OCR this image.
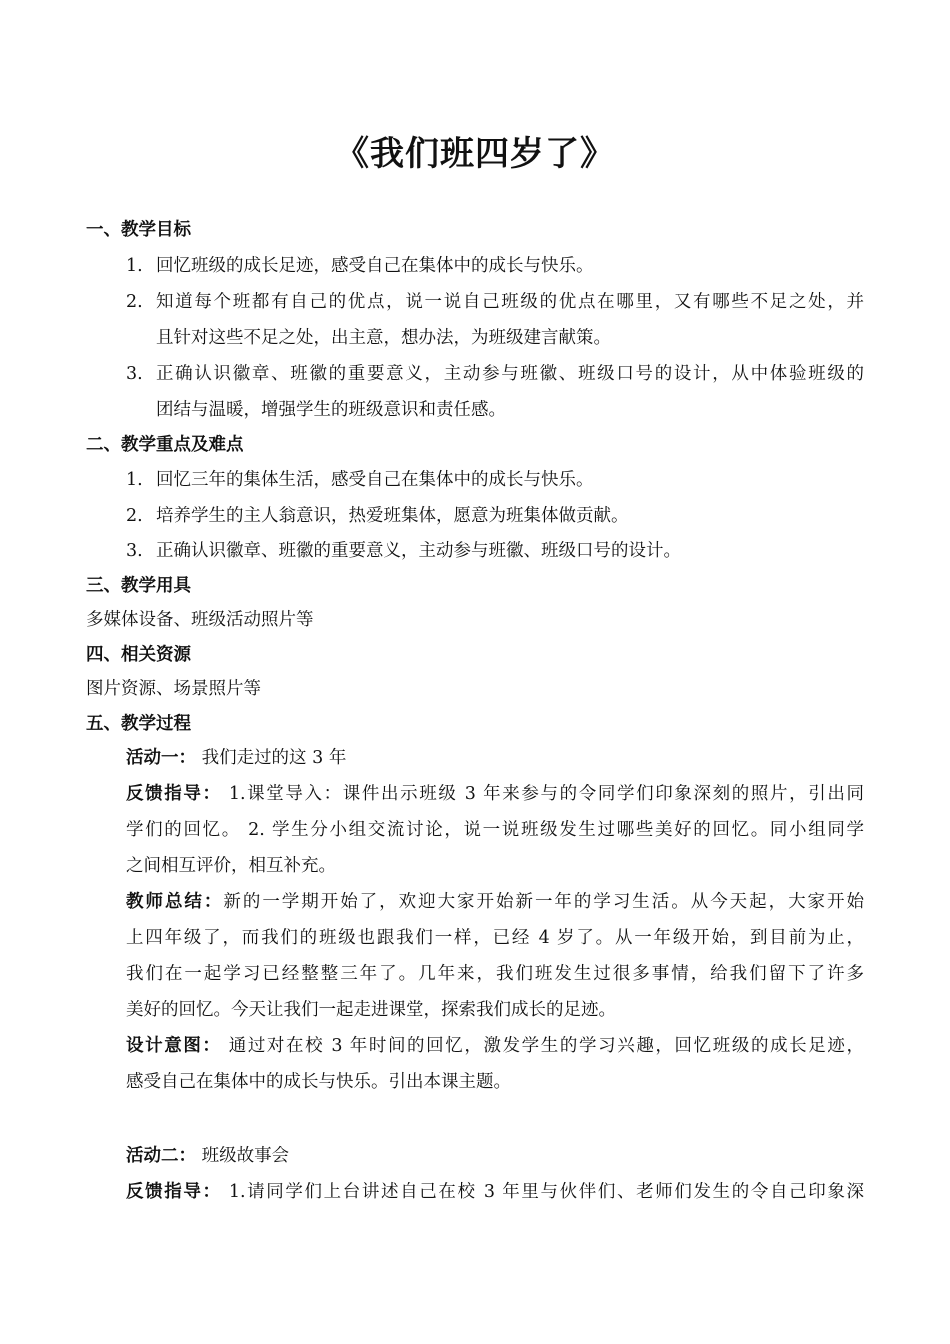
《我们班四岁了》
一、教学目标
1. 回忆班级的成长足迹，感受自己在集体中的成长与快乐。
2. 知道每个班都有自己的优点，说一说自己班级的优点在哪里，又有哪些不足之处，并
且针对这些不足之处，出主意，想办法，为班级建言献策。
3. 正确认识徽章、班徽的重要意义，主动参与班徽、班级口号的设计，从中体验班级的
团结与温暖，增强学生的班级意识和责任感。
二、教学重点及难点
1. 回忆三年的集体生活，感受自己在集体中的成长与快乐。
2. 培养学生的主人翁意识，热爱班集体，愿意为班集体做贡献。
3. 正确认识徽章、班徽的重要意义，主动参与班徽、班级口号的设计。
三、教学用具
多媒体设备、班级活动照片等
四、相关资源
图片资源、场景照片等
五、教学过程
活动一： 我们走过的这 3 年
反馈指导： 1.课堂导入：课件出示班级 3 年来参与的令同学们印象深刻的照片，引出同
学们的回忆。 2. 学生分小组交流讨论，说一说班级发生过哪些美好的回忆。同小组同学
之间相互评价，相互补充。
教师总结：新的一学期开始了，欢迎大家开始新一年的学习生活。从今天起，大家开始
上四年级了，而我们的班级也跟我们一样，已经 4 岁了。从一年级开始，到目前为止，
我们在一起学习已经整整三年了。几年来，我们班发生过很多事情，给我们留下了许多
美好的回忆。今天让我们一起走进课堂，探索我们成长的足迹。
设计意图： 通过对在校 3 年时间的回忆，激发学生的学习兴趣，回忆班级的成长足迹，
感受自己在集体中的成长与快乐。引出本课主题。
活动二： 班级故事会
反馈指导： 1.请同学们上台讲述自己在校 3 年里与伙伴们、老师们发生的令自己印象深
